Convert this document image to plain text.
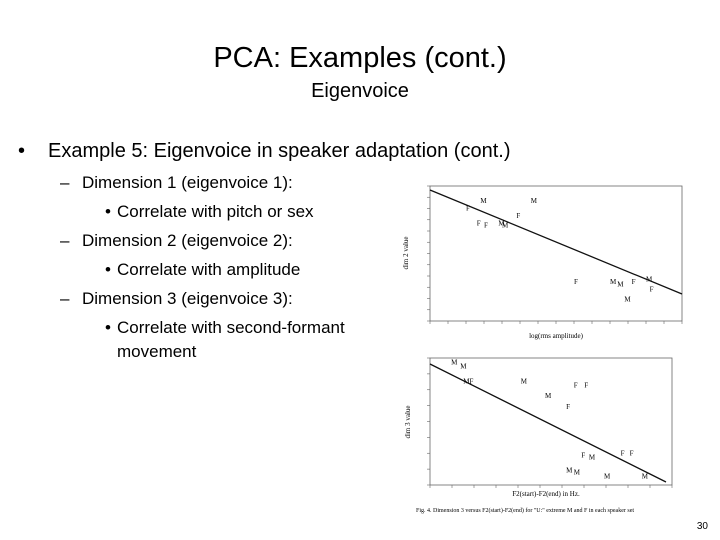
PCA: Examples (cont.)
Eigenvoice
• Example 5: Eigenvoice in speaker adaptation (cont.)
– Dimension 1 (eigenvoice 1):
• Correlate with pitch or sex
– Dimension 2 (eigenvoice 2):
• Correlate with amplitude
– Dimension 3 (eigenvoice 3):
• Correlate with second-formant
movement
F
M	M
F F M
M
F
F	M M F M
F
M
dim 2 value
log(rms amplitude)
M
M
MF	M
F F
M
F
F M
F F
M M
M	M
dim 3 value
F2(start)-F2(end) in Hz.
Fig. 4. Dimension 3 versus F2(start)-F2(end) for "U:" extreme M and F in each speaker set
30
